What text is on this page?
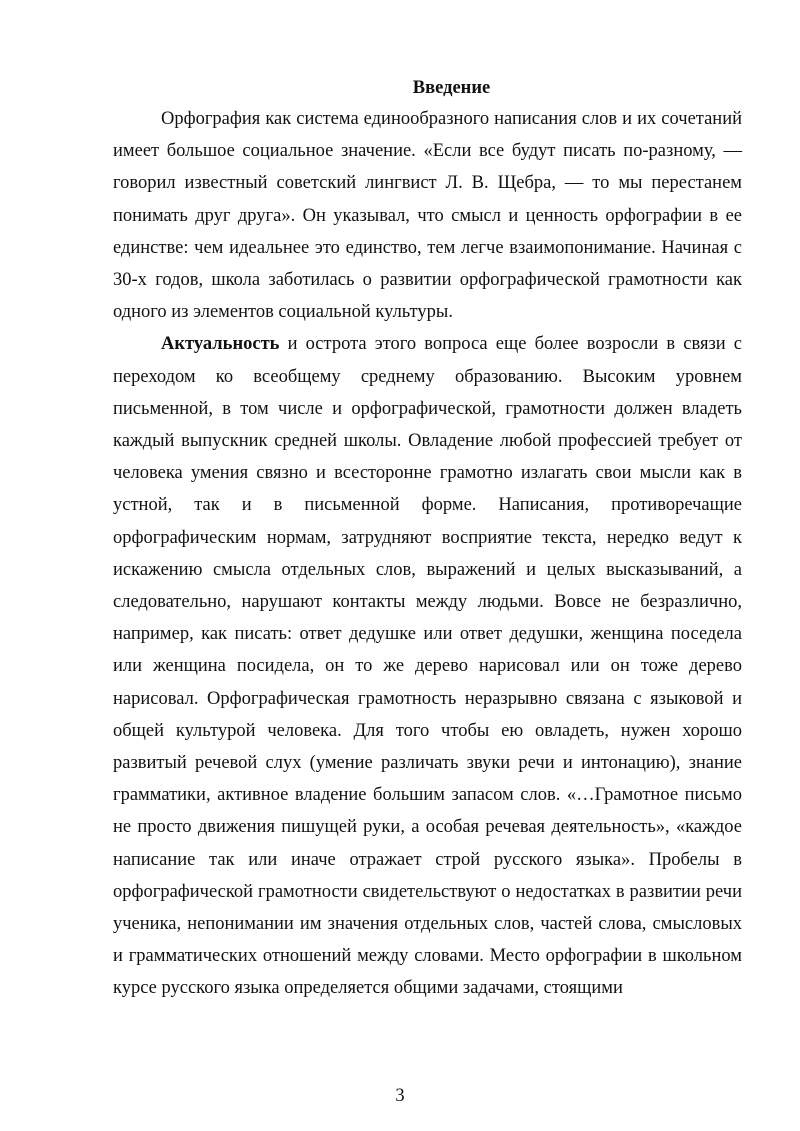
Введение

Орфография как система единообразного написания слов и их сочетаний имеет большое социальное значение. «Если все будут писать по-разному, — говорил известный советский лингвист Л. В. Щебра, — то мы перестанем понимать друг друга». Он указывал, что смысл и ценность орфографии в ее единстве: чем идеальнее это единство, тем легче взаимопонимание. Начиная с 30-х годов, школа заботилась о развитии орфографической грамотности как одного из элементов социальной культуры.

Актуальность и острота этого вопроса еще более возросли в связи с переходом ко всеобщему среднему образованию. Высоким уровнем письменной, в том числе и орфографической, грамотности должен владеть каждый выпускник средней школы. Овладение любой профессией требует от человека умения связно и всесторонне грамотно излагать свои мысли как в устной, так и в письменной форме. Написания, противоречащие орфографическим нормам, затрудняют восприятие текста, нередко ведут к искажению смысла отдельных слов, выражений и целых высказываний, а следовательно, нарушают контакты между людьми. Вовсе не безразлично, например, как писать: ответ дедушке или ответ дедушки, женщина поседела или женщина посидела, он то же дерево нарисовал или он тоже дерево нарисовал. Орфографическая грамотность неразрывно связана с языковой и общей культурой человека. Для того чтобы ею овладеть, нужен хорошо развитый речевой слух (умение различать звуки речи и интонацию), знание грамматики, активное владение большим запасом слов. «…Грамотное письмо не просто движения пишущей руки, а особая речевая деятельность», «каждое написание так или иначе отражает строй русского языка». Пробелы в орфографической грамотности свидетельствуют о недостатках в развитии речи ученика, непонимании им значения отдельных слов, частей слова, смысловых и грамматических отношений между словами. Место орфографии в школьном курсе русского языка определяется общими задачами, стоящими

3
